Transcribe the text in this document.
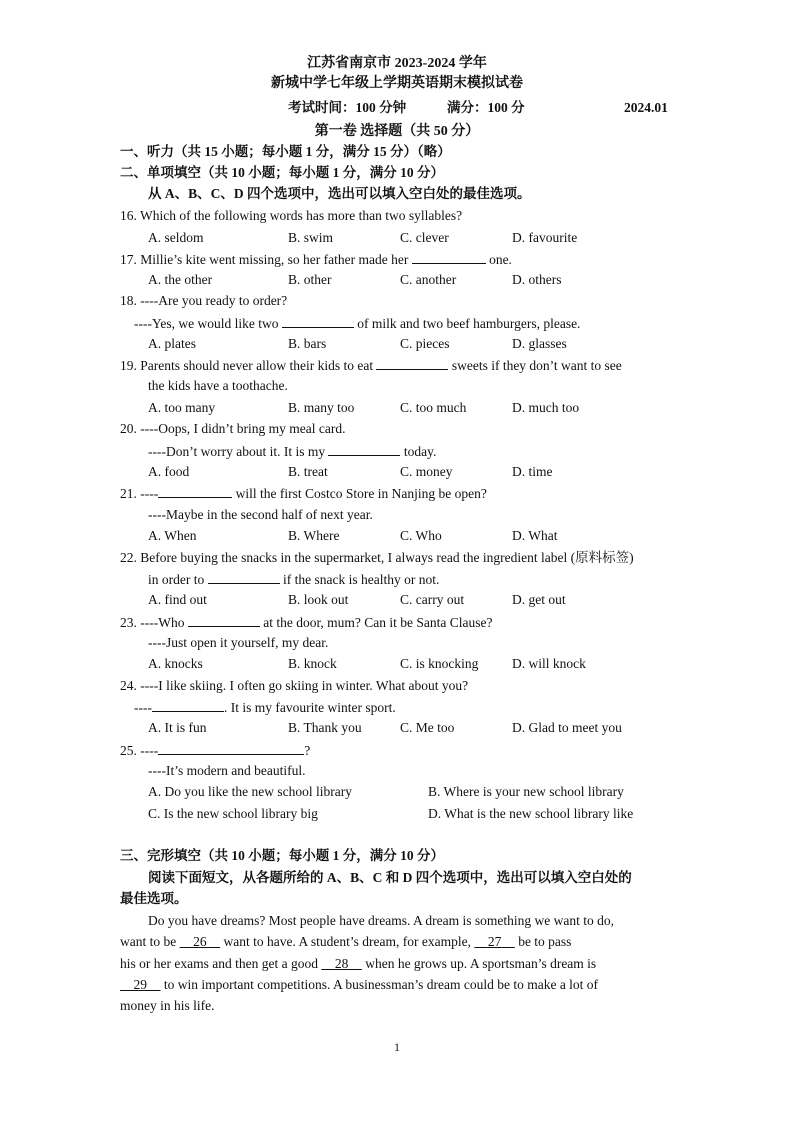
江苏省南京市 2023-2024 学年
新城中学七年级上学期英语期末模拟试卷
考试时间：100 分钟	满分：100 分	2024.01
第一卷 选择题（共 50 分）
一、听力（共 15 小题；每小题 1 分，满分 15 分）（略）
二、单项填空（共 10 小题；每小题 1 分，满分 10 分）
从 A、B、C、D 四个选项中，选出可以填入空白处的最佳选项。
16. Which of the following words has more than two syllables?
A. seldom	B. swim	C. clever	D. favourite
17. Millie’s kite went missing, so her father made her	one.
A. the other	B. other	C. another	D. others
18. ----Are you ready to order?
----Yes, we would like two	of milk and two beef hamburgers, please.
A. plates	B. bars	C. pieces	D. glasses
19. Parents should never allow their kids to eat	sweets if they don’t want to see
the kids have a toothache.
A. too many	B. many too	C. too much	D. much too
20. ----Oops, I didn’t bring my meal card.
----Don’t worry about it. It is my	today.
A. food	B. treat	C. money	D. time
21. ----	will the first Costco Store in Nanjing be open?
----Maybe in the second half of next year.
A. When	B. Where	C. Who	D. What
22. Before buying the snacks in the supermarket, I always read the ingredient label (原料标签)
in order to	if the snack is healthy or not.
A. find out	B. look out	C. carry out	D. get out
23. ----Who	at the door, mum? Can it be Santa Clause?
----Just open it yourself, my dear.
A. knocks	B. knock	C. is knocking D. will knock
24. ----I like skiing. I often go skiing in winter. What about you?
----	. It is my favourite winter sport.
A. It is fun	B. Thank you	C. Me too	D. Glad to meet you
25. ----	?
----It’s modern and beautiful.
A. Do you like the new school library	B. Where is your new school library
C. Is the new school library big	D. What is the new school library like
三、完形填空（共 10 小题；每小题 1 分，满分 10 分）
阅读下面短文，从各题所给的 A、B、C 和 D 四个选项中，选出可以填入空白处的
最佳选项。
Do you have dreams? Most people have dreams. A dream is something we want to do,
want to be     26     want to have. A student’s dream, for example,     27     be to pass
his or her exams and then get a good     28     when he grows up. A sportsman’s dream is
29     to win important competitions. A businessman’s dream could be to make a lot of
money in his life.
1
